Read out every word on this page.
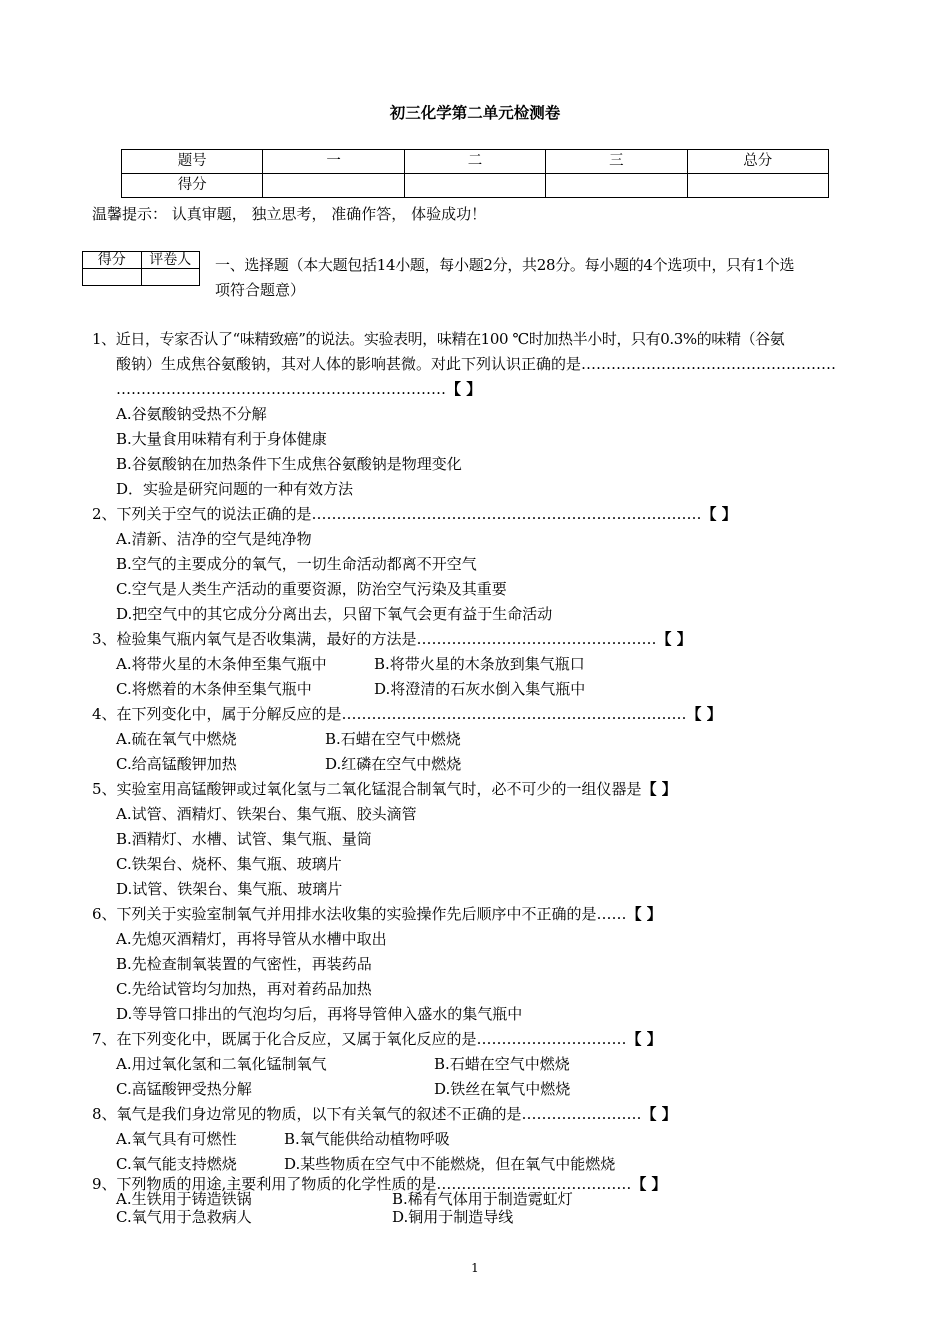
初三化学第二单元检测卷
题号	一	二	三	总分
得分				
温馨提示： 认真审题， 独立思考， 准确作答， 体验成功！
得分	评卷人
	一、选择题（本大题包括14小题，每小题2分，共28分。每小题的4个选项中，只有1个选
项符合题意）
1、近日，专家否认了“味精致癌”的说法。实验表明，味精在100 ℃时加热半小时，只有0.3%的味精（谷氨
酸钠）生成焦谷氨酸钠，其对人体的影响甚微。对此下列认识正确的是……………………………………………
…………………………………………………………【 】
A.谷氨酸钠受热不分解
B.大量食用味精有利于身体健康
B.谷氨酸钠在加热条件下生成焦谷氨酸钠是物理变化
D．实验是研究问题的一种有效方法
2、下列关于空气的说法正确的是……………………………………………………………………【 】
A.清新、洁净的空气是纯净物
B.空气的主要成分的氧气，一切生命活动都离不开空气
C.空气是人类生产活动的重要资源，防治空气污染及其重要
D.把空气中的其它成分分离出去，只留下氧气会更有益于生命活动
3、检验集气瓶内氧气是否收集满，最好的方法是…………………………………………【 】
A.将带火星的木条伸至集气瓶中	B.将带火星的木条放到集气瓶口
C.将燃着的木条伸至集气瓶中	D.将澄清的石灰水倒入集气瓶中
4、在下列变化中，属于分解反应的是……………………………………………………………【 】
A.硫在氧气中燃烧	B.石蜡在空气中燃烧
C.给高锰酸钾加热	D.红磷在空气中燃烧
5、实验室用高锰酸钾或过氧化氢与二氧化锰混合制氧气时，必不可少的一组仪器是【 】
A.试管、酒精灯、铁架台、集气瓶、胶头滴管
B.酒精灯、水槽、试管、集气瓶、量筒
C.铁架台、烧杯、集气瓶、玻璃片
D.试管、铁架台、集气瓶、玻璃片
6、下列关于实验室制氧气并用排水法收集的实验操作先后顺序中不正确的是……【 】
A.先熄灭酒精灯，再将导管从水槽中取出
B.先检查制氧装置的气密性，再装药品
C.先给试管均匀加热，再对着药品加热
D.等导管口排出的气泡均匀后，再将导管伸入盛水的集气瓶中
7、在下列变化中，既属于化合反应，又属于氧化反应的是…………………………【 】
A.用过氧化氢和二氧化锰制氧气	B.石蜡在空气中燃烧
C.高锰酸钾受热分解	D.铁丝在氧气中燃烧
8、氧气是我们身边常见的物质，以下有关氧气的叙述不正确的是……………………【 】
A.氧气具有可燃性	B.氧气能供给动植物呼吸
C.氧气能支持燃烧	D.某些物质在空气中不能燃烧，但在氧气中能燃烧
9、下列物质的用途,主要利用了物质的化学性质的是…………………………………【 】
A.生铁用于铸造铁锅	B.稀有气体用于制造霓虹灯
C.氧气用于急救病人	D.铜用于制造导线
1
